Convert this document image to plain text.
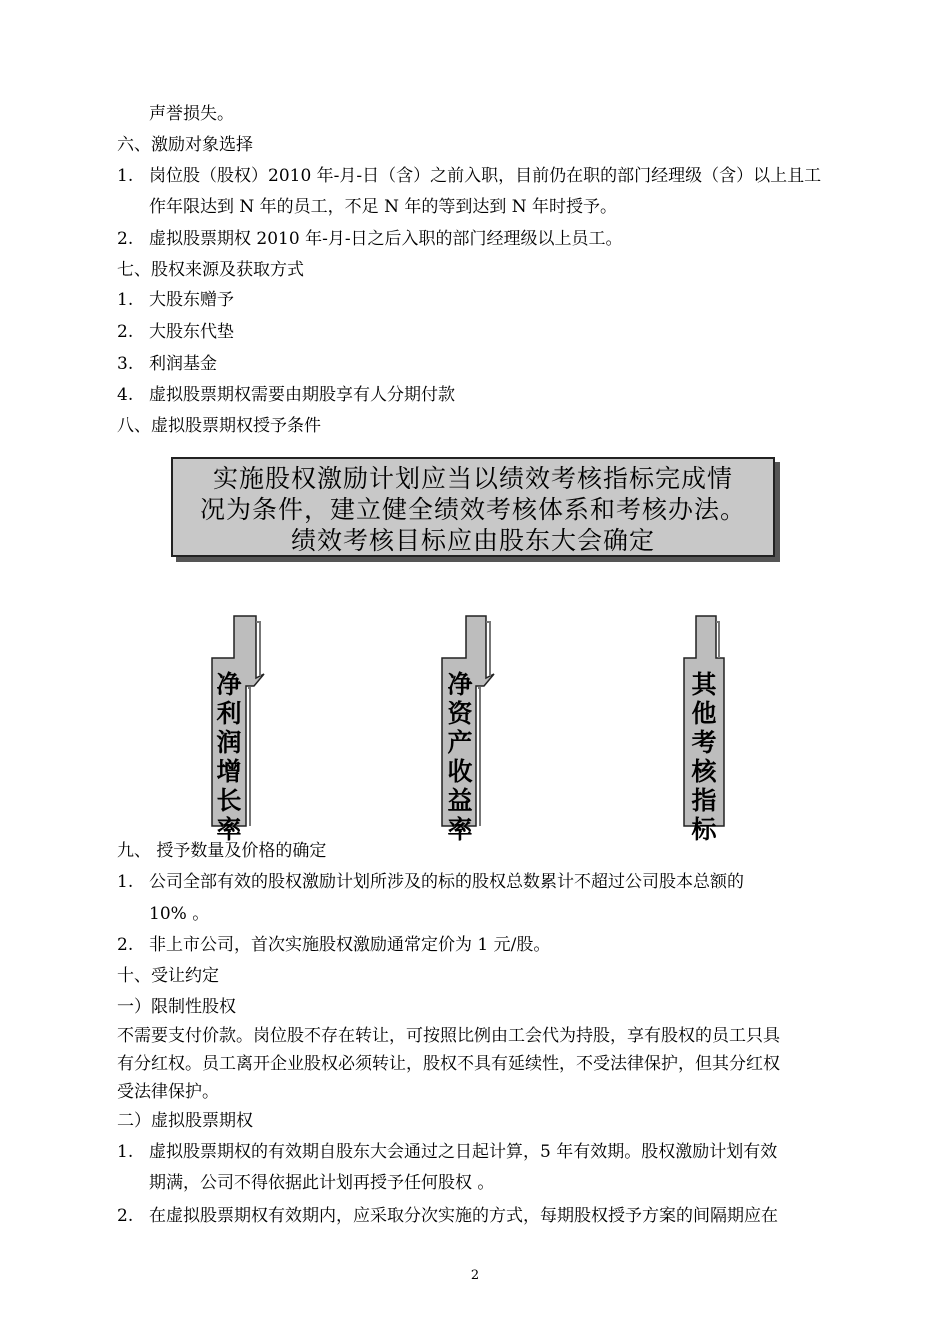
声誉损失。
六、激励对象选择
1. 岗位股（股权）2010 年-月-日（含）之前入职，目前仍在职的部门经理级（含）以上且工
作年限达到 N 年的员工，不足 N 年的等到达到 N 年时授予。
2. 虚拟股票期权 2010 年-月-日之后入职的部门经理级以上员工。
七、股权来源及获取方式
1. 大股东赠予
2. 大股东代垫
3. 利润基金
4. 虚拟股票期权需要由期股享有人分期付款
八、虚拟股票期权授予条件
实施股权激励计划应当以绩效考核指标完成情
况为条件，建立健全绩效考核体系和考核办法。
绩效考核目标应由股东大会确定
净利润增长率
净资产收益率
其他考核指标
九、 授予数量及价格的确定
1. 公司全部有效的股权激励计划所涉及的标的股权总数累计不超过公司股本总额的
10% 。
2. 非上市公司，首次实施股权激励通常定价为 1 元/股。
十、受让约定
一）限制性股权
不需要支付价款。岗位股不存在转让，可按照比例由工会代为持股，享有股权的员工只具
有分红权。员工离开企业股权必须转让，股权不具有延续性，不受法律保护，但其分红权
受法律保护。
二）虚拟股票期权
1. 虚拟股票期权的有效期自股东大会通过之日起计算，5 年有效期。股权激励计划有效
期满，公司不得依据此计划再授予任何股权 。
2. 在虚拟股票期权有效期内，应采取分次实施的方式，每期股权授予方案的间隔期应在
2
